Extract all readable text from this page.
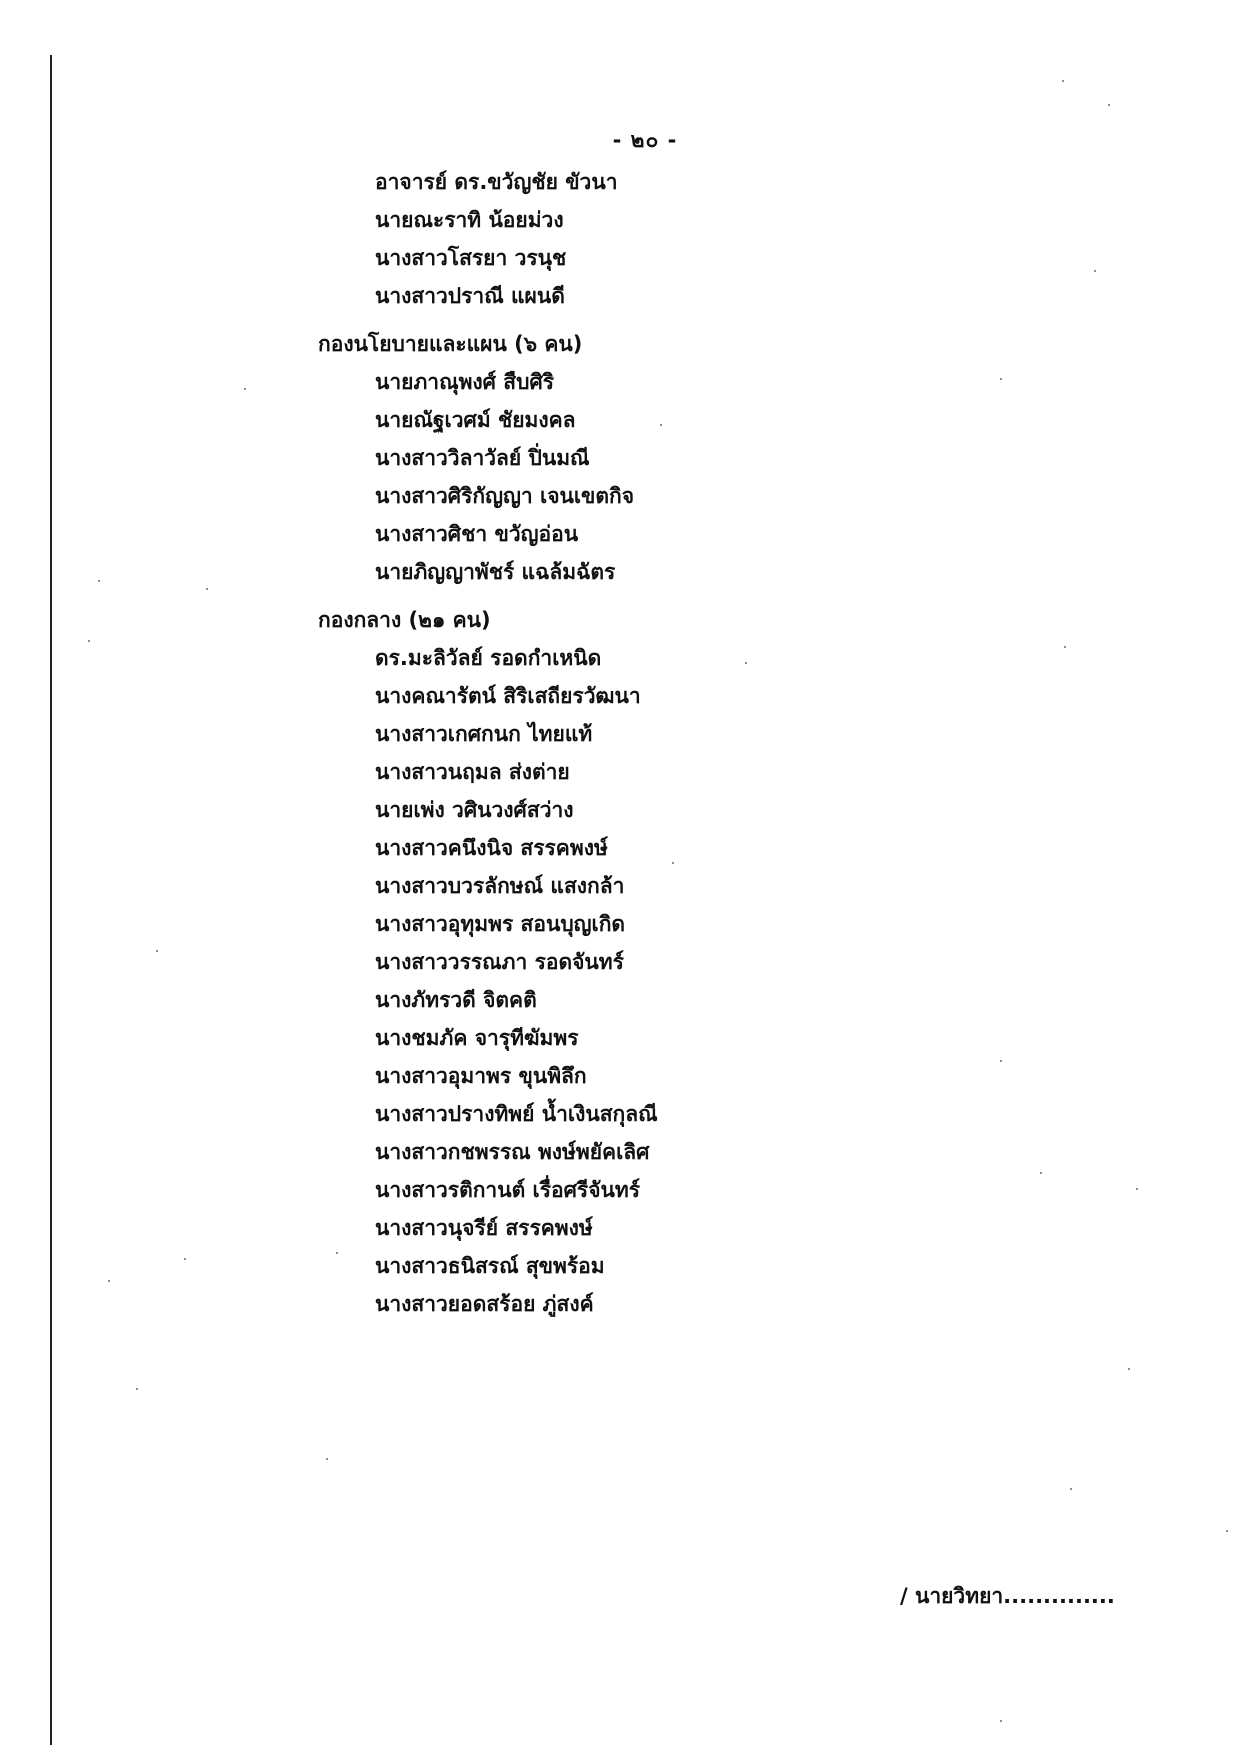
- ๒๐ -
อาจารย์ ดร.ขวัญชัย ขัวนา
นายณะราทิ น้อยม่วง
นางสาวโสรยา วรนุช
นางสาวปราณี แผนดี
กองนโยบายและแผน (๖ คน)
นายภาณุพงศ์ สืบศิริ
นายณัฐเวศม์ ชัยมงคล
นางสาววิลาวัลย์ ปิ่นมณี
นางสาวศิริกัญญา เจนเขตกิจ
นางสาวศิชา ขวัญอ่อน
นายภิญญาพัชร์ แฉล้มฉัตร
กองกลาง (๒๑ คน)
ดร.มะลิวัลย์ รอดกำเหนิด
นางคณารัตน์ สิริเสถียรวัฒนา
นางสาวเกศกนก ไทยแท้
นางสาวนฤมล ส่งต่าย
นายเพ่ง วศินวงศ์สว่าง
นางสาวคนึงนิจ สรรคพงษ์
นางสาวบวรลักษณ์ แสงกล้า
นางสาวอุทุมพร สอนบุญเกิด
นางสาววรรณภา รอดจันทร์
นางภัทรวดี จิตคติ
นางชมภัค จารุทีฆัมพร
นางสาวอุมาพร ขุนพิลึก
นางสาวปรางทิพย์ น้ำเงินสกุลณี
นางสาวกชพรรณ พงษ์พยัคเลิศ
นางสาวรติกานต์ เรื่อศรีจันทร์
นางสาวนุจรีย์ สรรคพงษ์
นางสาวธนิสรณ์ สุขพร้อม
นางสาวยอดสร้อย ภู่สงค์
/ นายวิทยา..............
